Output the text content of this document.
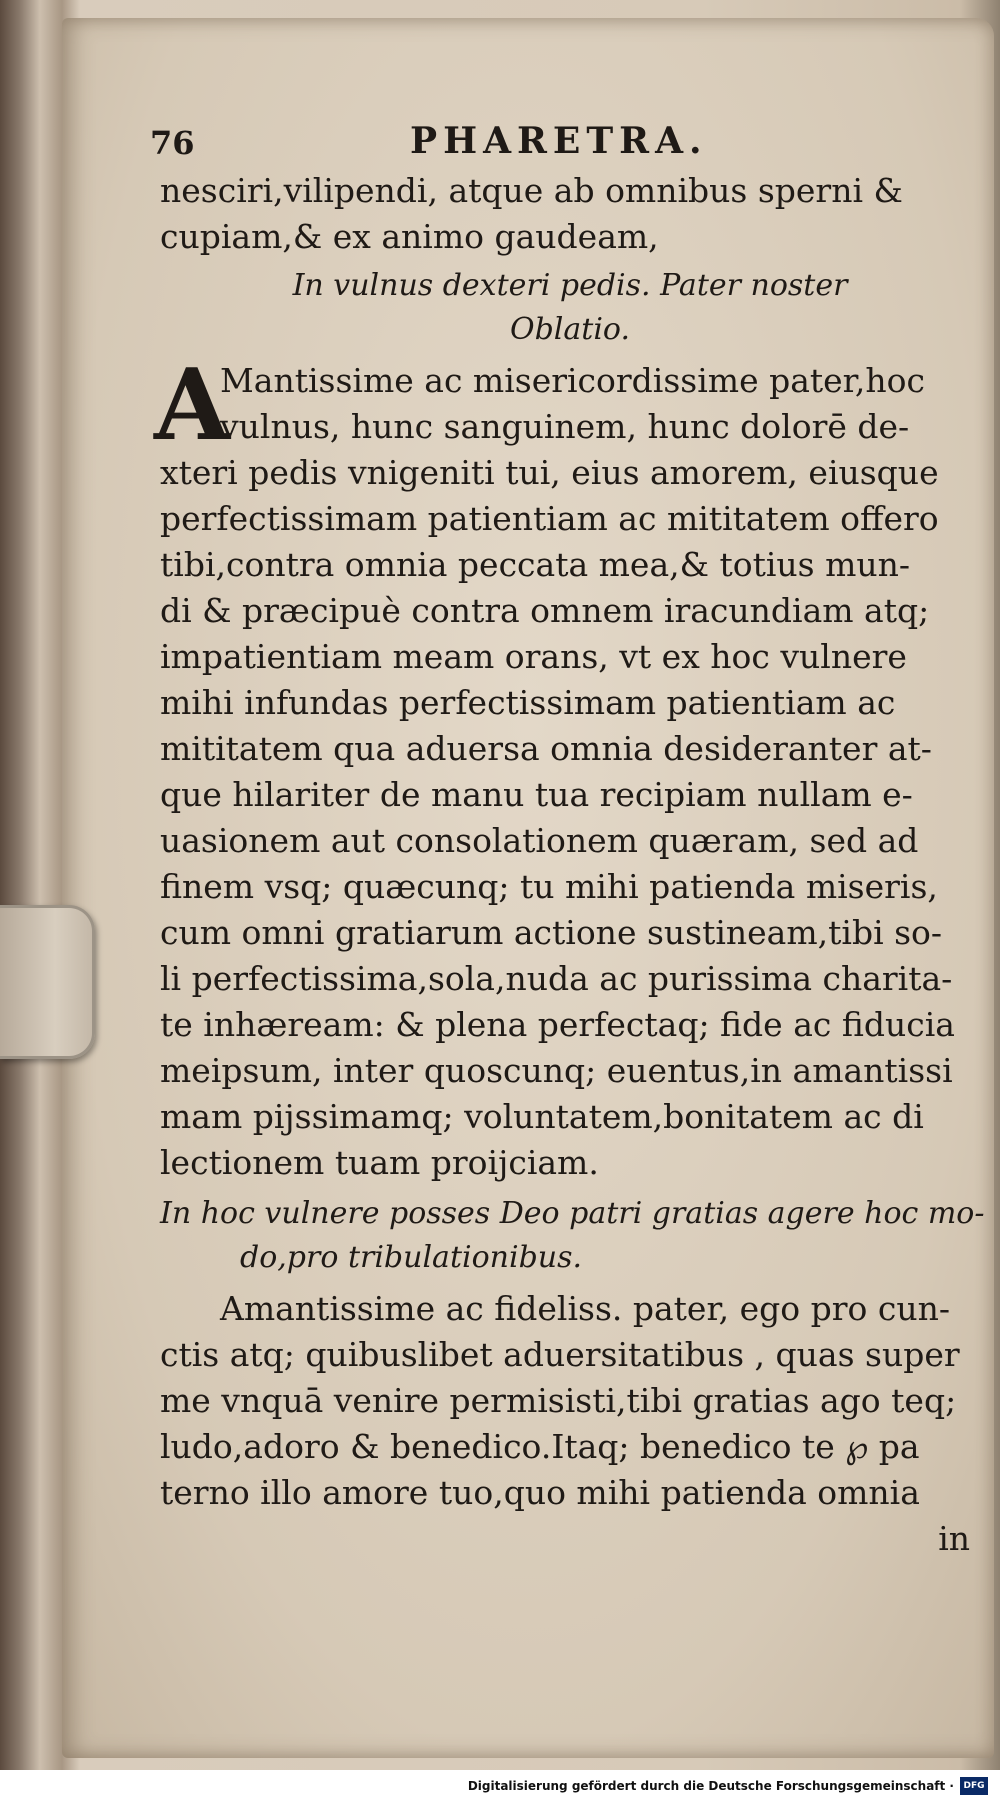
76	PHARETRA.
nesciri,vilipendi, atque ab omnibus sperni &
cupiam,& ex animo gaudeam,
In vulnus dexteri pedis. Pater noster
Oblatio.
A
Mantissime ac misericordissime pater,hoc
vulnus, hunc sanguinem, hunc dolorē de-
xteri pedis vnigeniti tui, eius amorem, eiusque
perfectissimam patientiam ac mititatem offero
tibi,contra omnia peccata mea,& totius mun-
di & præcipuè contra omnem iracundiam atq;
impatientiam meam orans, vt ex hoc vulnere
mihi infundas perfectissimam patientiam ac
mititatem qua aduersa omnia desideranter at-
que hilariter de manu tua recipiam nullam e-
uasionem aut consolationem quæram, sed ad
finem vsq; quæcunq; tu mihi patienda miseris,
cum omni gratiarum actione sustineam,tibi so-
li perfectissima,sola,nuda ac purissima charita-
te inhæream: & plena perfectaq; fide ac fiducia
meipsum, inter quoscunq; euentus,in amantissi
mam pijssimamq; voluntatem,bonitatem ac di
lectionem tuam proijciam.
In hoc vulnere posses Deo patri gratias agere hoc mo-
do,pro tribulationibus.
Amantissime ac fideliss. pater, ego pro cun-
ctis atq; quibuslibet aduersitatibus , quas super
me vnquā venire permisisti,tibi gratias ago teq;
ludo,adoro & benedico.Itaq; benedico te ℘ pa
terno illo amore tuo,quo mihi patienda omnia
in
Digitalisierung gefördert durch die Deutsche Forschungsgemeinschaft ·	DFG
